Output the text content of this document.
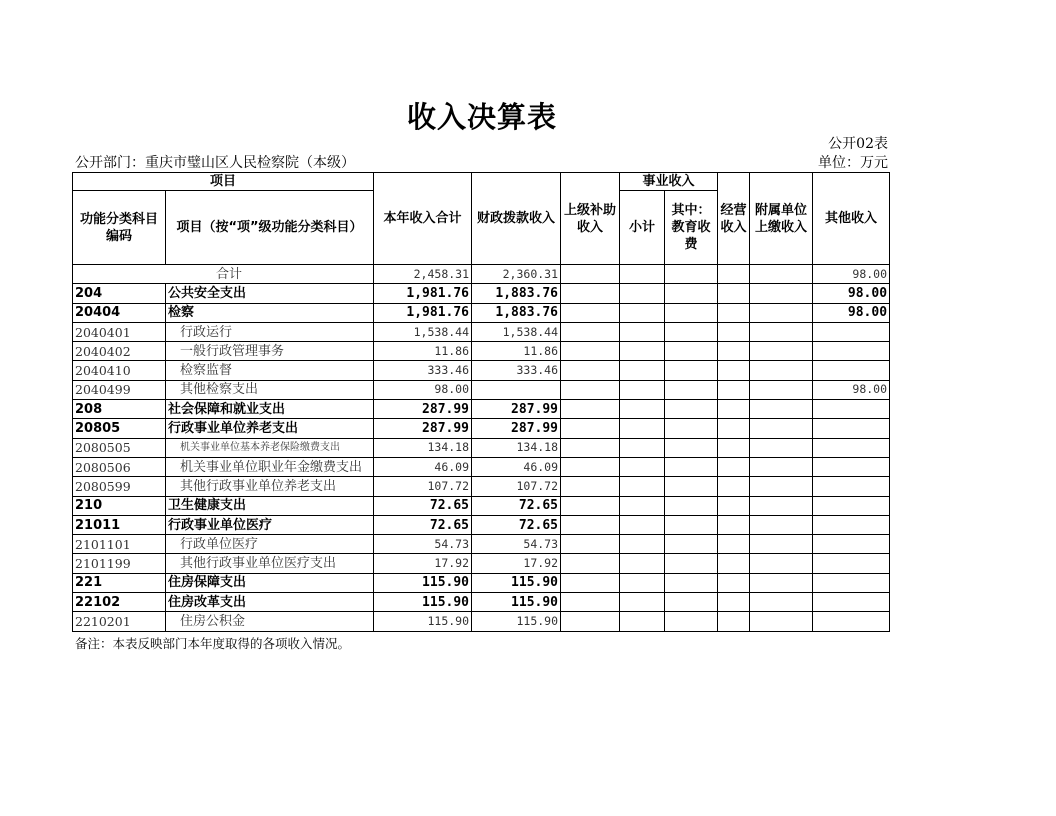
收入决算表
公开02表
公开部门：重庆市璧山区人民检察院（本级）	单位：万元
项目		本年收入合计	财政拨款收入	上级补助收入	事业收入		经营收入	附属单位上缴收入	其他收入
功能分类科目编码	项目（按“项”级功能分类科目）				小计	其中：教育收费			
合计		2,458.31	2,360.31						98.00
204	公共安全支出	1,981.76	1,883.76						98.00
20404	检察	1,981.76	1,883.76						98.00
2040401	行政运行	1,538.44	1,538.44						
2040402	一般行政管理事务	11.86	11.86						
2040410	检察监督	333.46	333.46						
2040499	其他检察支出	98.00							98.00
208	社会保障和就业支出	287.99	287.99						
20805	行政事业单位养老支出	287.99	287.99						
2080505	机关事业单位基本养老保险缴费支出	134.18	134.18						
2080506	机关事业单位职业年金缴费支出	46.09	46.09						
2080599	其他行政事业单位养老支出	107.72	107.72						
210	卫生健康支出	72.65	72.65						
21011	行政事业单位医疗	72.65	72.65						
2101101	行政单位医疗	54.73	54.73						
2101199	其他行政事业单位医疗支出	17.92	17.92						
221	住房保障支出	115.90	115.90						
22102	住房改革支出	115.90	115.90						
2210201	住房公积金	115.90	115.90						
备注：本表反映部门本年度取得的各项收入情况。
